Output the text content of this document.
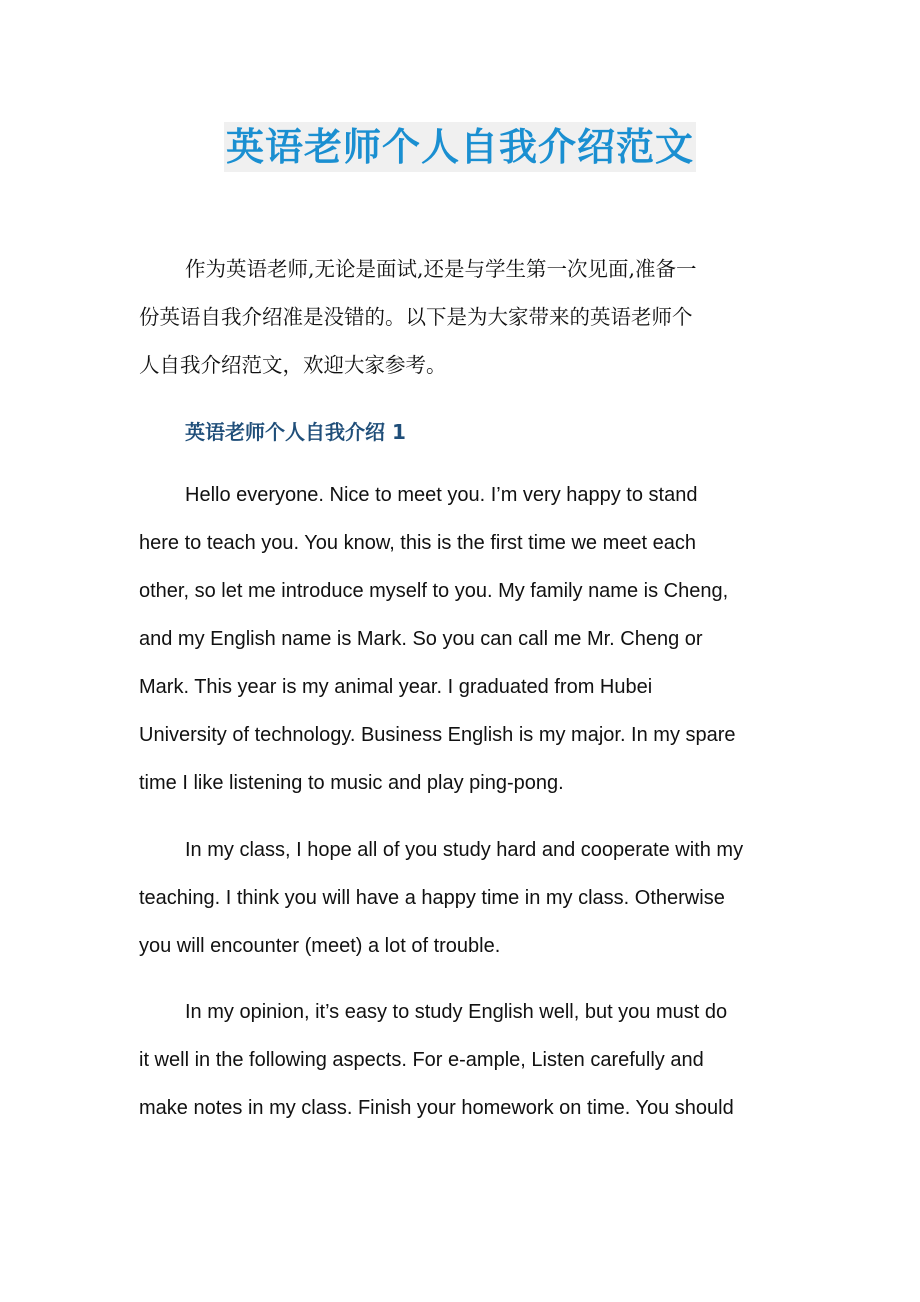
英语老师个人自我介绍范文
作为英语老师,无论是面试,还是与学生第一次见面,准备一
份英语自我介绍准是没错的。以下是为大家带来的英语老师个
人自我介绍范文，欢迎大家参考。
英语老师个人自我介绍 1
Hello everyone. Nice to meet you. I’m very happy to stand
here to teach you. You know, this is the first time we meet each
other, so let me introduce myself to you. My family name is Cheng,
and my English name is Mark. So you can call me Mr. Cheng or
Mark. This year is my animal year. I graduated from Hubei
University of technology. Business English is my major. In my spare
time I like listening to music and play ping-pong.
In my class, I hope all of you study hard and cooperate with my
teaching. I think you will have a happy time in my class. Otherwise
you will encounter (meet) a lot of trouble.
In my opinion, it’s easy to study English well, but you must do
it well in the following aspects. For e-ample, Listen carefully and
make notes in my class. Finish your homework on time. You should
